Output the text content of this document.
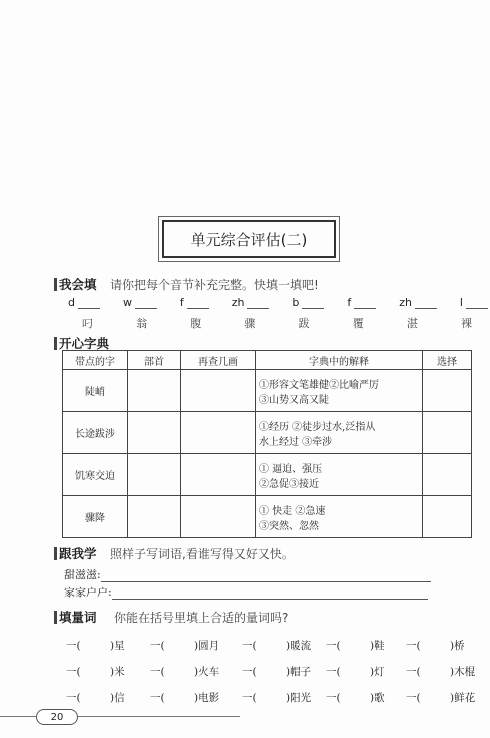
单元综合评估(二)
我会填 请你把每个音节补充完整。快填一填吧!
d	w	f	zh	b	f	zh	l
叼	翁	腹	骤	跋	覆	湛	裸
开心字典
带点的字	部首	再查几画	字典中的解释	选择
陡峭			①形容文笔雄健②比喻严厉
③山势又高又陡	

长途跋涉			①经历 ②徒步过水,泛指从
水上经过 ③牵涉	

饥寒交迫			① 逼迫、强压
②急促③接近	

骤降			① 快走 ②急速
③突然、忽然	

跟我学 照样子写词语,看谁写得又好又快。
甜滋滋:
家家户户:
填量词 你能在括号里填上合适的量词吗?
一(	)星	一(	)圆月	一(	)暖流	一(	)鞋	一(	)桥
一(	)米	一(	)火车	一(	)帽子	一(	)灯	一(	)木棍
一(	)信	一(	)电影	一(	)阳光	一(	)歌	一(	)鲜花
20
